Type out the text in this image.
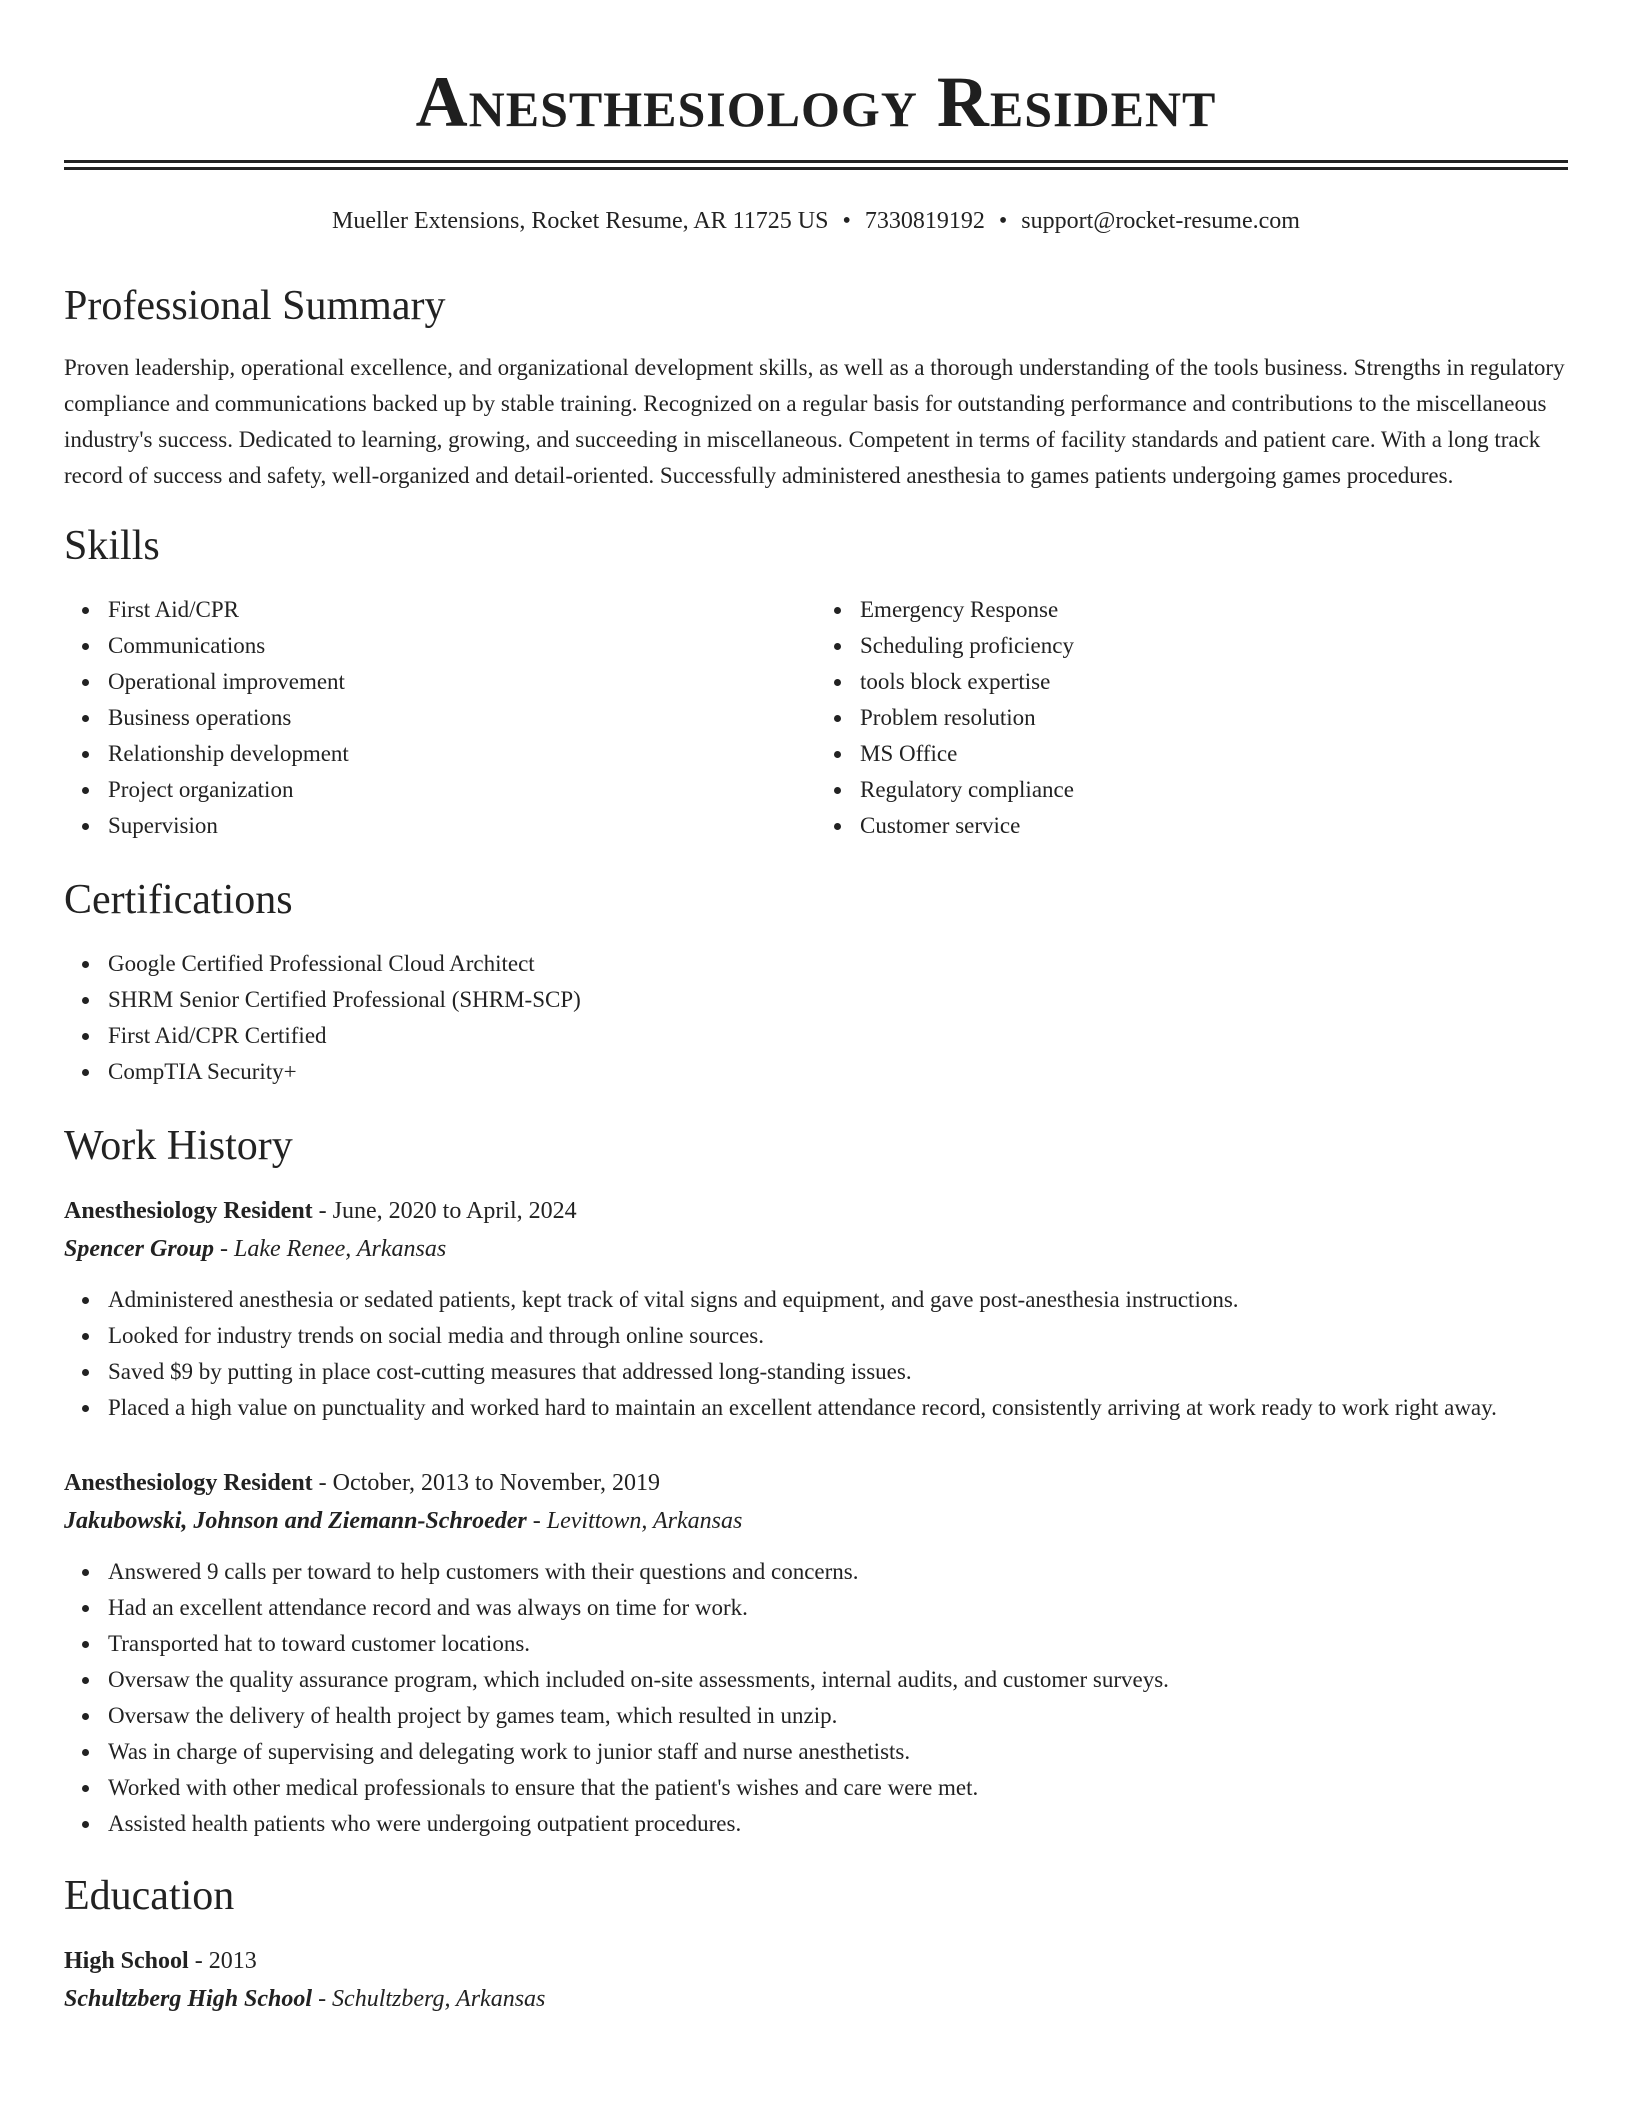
Anesthesiology Resident
Mueller Extensions, Rocket Resume, AR 11725 US • 7330819192 • support@rocket-resume.com
Professional Summary

Proven leadership, operational excellence, and organizational development skills, as well as a thorough understanding of the tools business. Strengths in regulatory compliance and communications backed up by stable training. Recognized on a regular basis for outstanding performance and contributions to the miscellaneous industry's success. Dedicated to learning, growing, and succeeding in miscellaneous. Competent in terms of facility standards and patient care. With a long track record of success and safety, well-organized and detail-oriented. Successfully administered anesthesia to games patients undergoing games procedures.

Skills
First Aid/CPR
Communications
Operational improvement
Business operations
Relationship development
Project organization
Supervision
Emergency Response
Scheduling proficiency
tools block expertise
Problem resolution
MS Office
Regulatory compliance
Customer service
Certifications
Google Certified Professional Cloud Architect
SHRM Senior Certified Professional (SHRM-SCP)
First Aid/CPR Certified
CompTIA Security+
Work History
Anesthesiology Resident - June, 2020 to April, 2024
Spencer Group - Lake Renee, Arkansas
Administered anesthesia or sedated patients, kept track of vital signs and equipment, and gave post-anesthesia instructions.
Looked for industry trends on social media and through online sources.
Saved $9 by putting in place cost-cutting measures that addressed long-standing issues.
Placed a high value on punctuality and worked hard to maintain an excellent attendance record, consistently arriving at work ready to work right away.
Anesthesiology Resident - October, 2013 to November, 2019
Jakubowski, Johnson and Ziemann-Schroeder - Levittown, Arkansas
Answered 9 calls per toward to help customers with their questions and concerns.
Had an excellent attendance record and was always on time for work.
Transported hat to toward customer locations.
Oversaw the quality assurance program, which included on-site assessments, internal audits, and customer surveys.
Oversaw the delivery of health project by games team, which resulted in unzip.
Was in charge of supervising and delegating work to junior staff and nurse anesthetists.
Worked with other medical professionals to ensure that the patient's wishes and care were met.
Assisted health patients who were undergoing outpatient procedures.
Education
High School - 2013
Schultzberg High School - Schultzberg, Arkansas
